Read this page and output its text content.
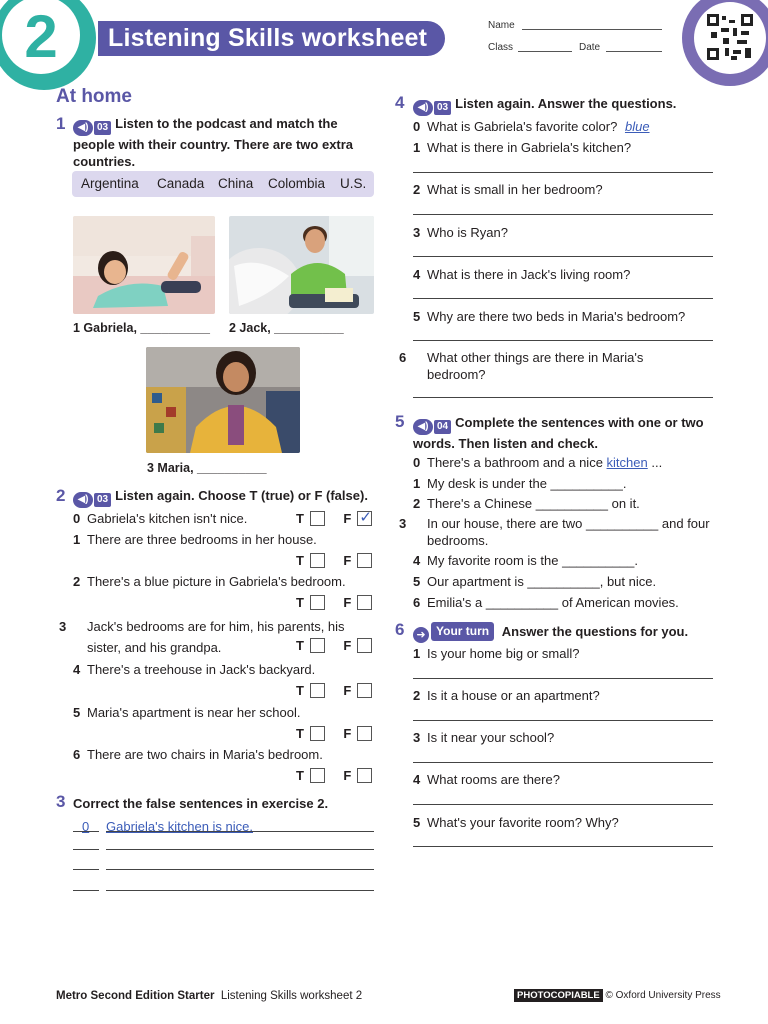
2	Listening Skills worksheet	Name
Class	Date
At home
1	◀) 03 Listen to the podcast and match the people with their country. There are two extra countries.
Argentina Canada China Colombia U.S.
1 Gabriela, __________ 2 Jack, __________
3 Maria, __________
2	◀) 03 Listen again. Choose T (true) or F (false).
0 Gabriela's kitchen isn't nice.	T	F ✓
1 There are three bedrooms in her house.
T	F
2 There's a blue picture in Gabriela's bedroom.
T	F
3 Jack's bedrooms are for him, his parents, his sister, and his grandpa.	T	F
4 There's a treehouse in Jack's backyard.
T	F
5 Maria's apartment is near her school.
T	F
6 There are two chairs in Maria's bedroom.
T	F
3 Correct the false sentences in exercise 2.
0 Gabriela's kitchen is nice.
4	◀) 03 Listen again. Answer the questions.
0 What is Gabriela's favorite color? blue
1 What is there in Gabriela's kitchen?
2 What is small in her bedroom?
3 Who is Ryan?
4 What is there in Jack's living room?
5 Why are there two beds in Maria's bedroom?
6 What other things are there in Maria's bedroom?
5	◀) 04 Complete the sentences with one or two words. Then listen and check.
0 There's a bathroom and a nice kitchen ...
1 My desk is under the __________.
2 There's a Chinese __________ on it.
3 In our house, there are two __________ and four bedrooms.
4 My favorite room is the __________.
5 Our apartment is __________, but nice.
6 Emilia's a __________ of American movies.
6	➜ Your turn Answer the questions for you.
1 Is your home big or small?
2 Is it a house or an apartment?
3 Is it near your school?
4 What rooms are there?
5 What's your favorite room? Why?
Metro Second Edition Starter Listening Skills worksheet 2	PHOTOCOPIABLE © Oxford University Press
